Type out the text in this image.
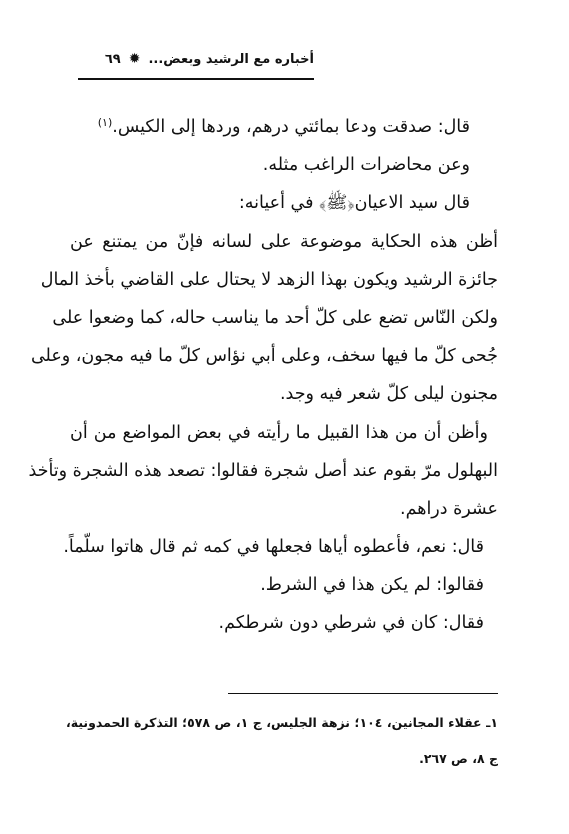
أخباره مع الرشيد وبعض...
✹
٦٩
قال: صدقت ودعا بمائتي درهم، وردها إلى الكيس.$^{(١)}$
وعن محاضرات الراغب مثله.
قال سيد الاعيان﴿ﷺ﴾ في أعيانه:
أظن هذه الحكاية موضوعة على لسانه فإنّ من يمتنع عن
جائزة الرشيد ويكون بهذا الزهد لا يحتال على القاضي بأخذ المال
ولكن النّاس تضع على كلّ أحد ما يناسب حاله، كما وضعوا على
جُحى كلّ ما فيها سخف، وعلى أبي نؤاس كلّ ما فيه مجون، وعلى
مجنون ليلى كلّ شعر فيه وجد.
وأظن أن من هذا القبيل ما رأيته في بعض المواضع من أن
البهلول مرّ بقوم عند أصل شجرة فقالوا: تصعد هذه الشجرة وتأخذ
عشرة دراهم.
قال: نعم، فأعطوه أياها فجعلها في كمه ثم قال هاتوا سلّماً.
فقالوا: لم يكن هذا في الشرط.
فقال: كان في شرطي دون شرطكم.
١ـ عقلاء المجانين، ١٠٤؛ نزهة الجليس، ج ١، ص ٥٧٨؛ التذكرة الحمدونية،
ج ٨، ص ٢٦٧.
